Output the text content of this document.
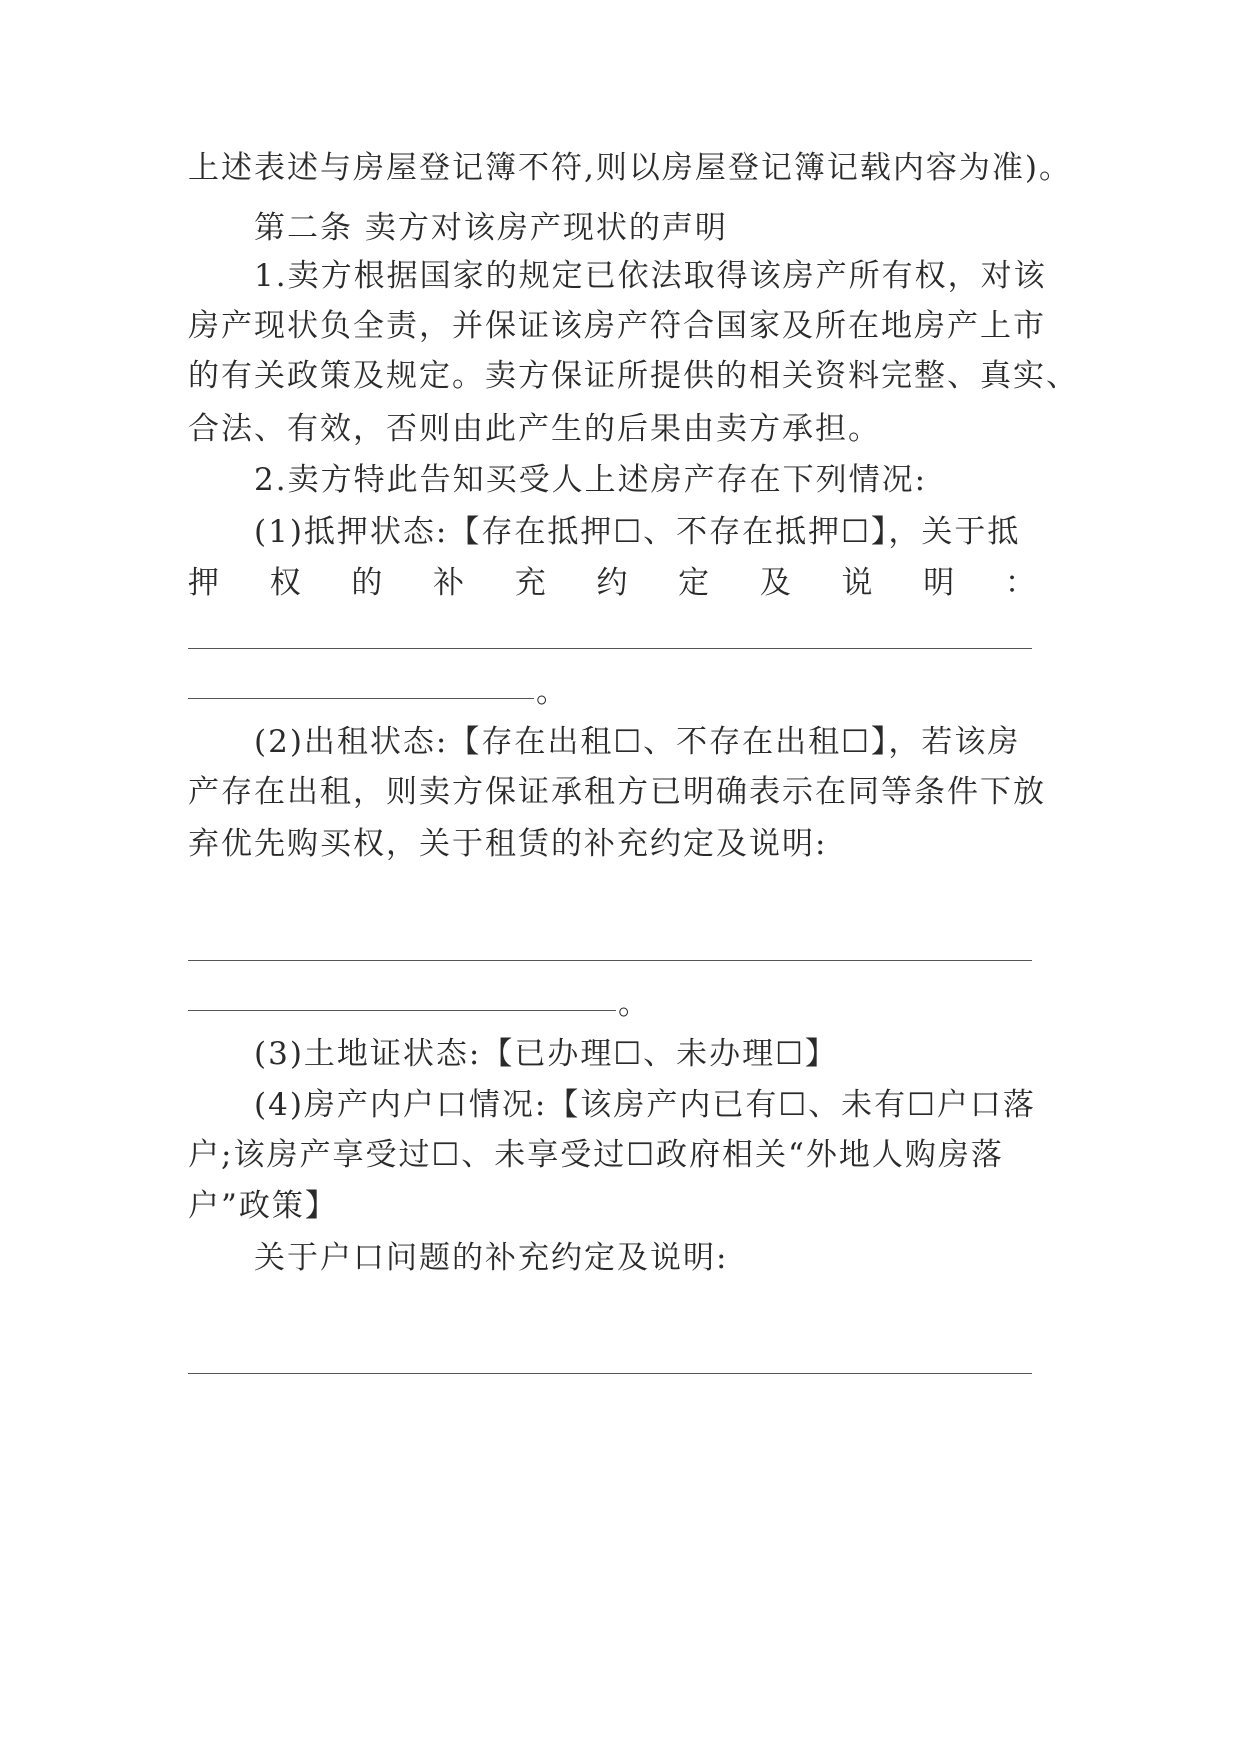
上述表述与房屋登记簿不符,则以房屋登记簿记载内容为准)。
第二条 卖方对该房产现状的声明
1.卖方根据国家的规定已依法取得该房产所有权，对该
房产现状负全责，并保证该房产符合国家及所在地房产上市
的有关政策及规定。卖方保证所提供的相关资料完整、真实、
合法、有效，否则由此产生的后果由卖方承担。
2.卖方特此告知买受人上述房产存在下列情况:
(1)抵押状态:【存在抵押☐、不存在抵押☐】，关于抵
押 权 的 补 充 约 定 及 说 明 ：
。
(2)出租状态:【存在出租☐、不存在出租☐】，若该房
产存在出租，则卖方保证承租方已明确表示在同等条件下放
弃优先购买权，关于租赁的补充约定及说明:
。
(3)土地证状态:【已办理☐、未办理☐】
(4)房产内户口情况:【该房产内已有☐、未有☐户口落
户;该房产享受过☐、未享受过☐政府相关“外地人购房落
户”政策】
关于户口问题的补充约定及说明:
